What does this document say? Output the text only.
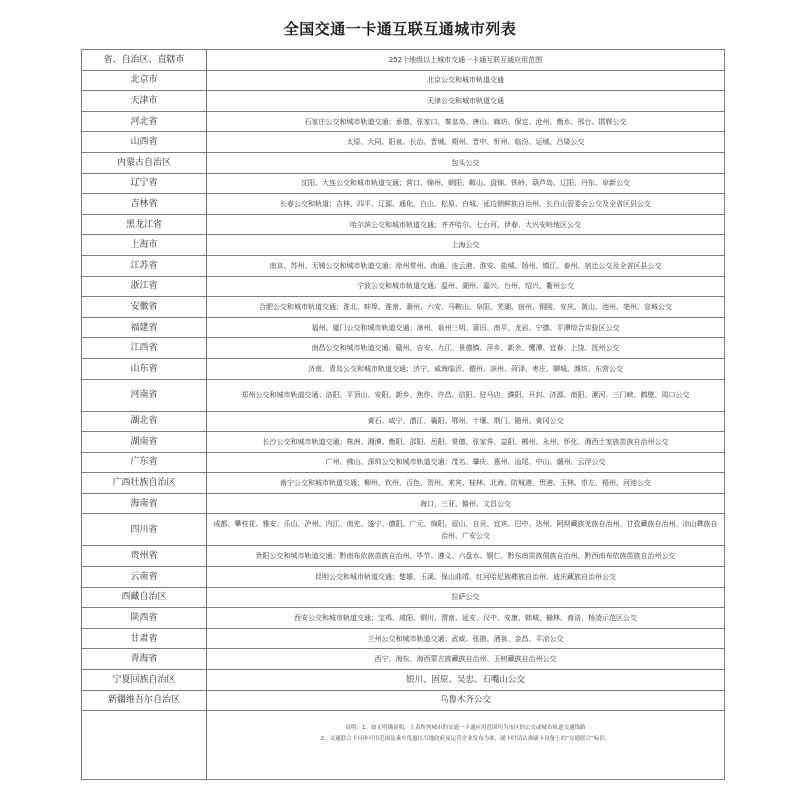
全国交通一卡通互联互通城市列表
省、自治区、直辖市	252个地级以上城市交通一卡通互联互通应用范围
北京市	北京公交和城市轨道交通
天津市	天津公交和城市轨道交通
河北省	石家庄公交和城市轨道交通；承德、张家口、秦皇岛、唐山、廊坊、保定、沧州、衡水、邢台、邯郸公交
山西省	太原、大同、阳泉、长治、晋城、朔州、晋中、忻州、临汾、运城、吕梁公交
内蒙古自治区	包头公交
辽宁省	沈阳、大连公交和城市轨道交通；营口、锦州、朝阳、鞍山、盘锦、铁岭、葫芦岛、辽阳、丹东、阜新公交
吉林省	长春公交和轨道；吉林、四平、辽源、通化、白山、松原、白城、延边朝鲜族自治州、长白山管委会公交及全省区县公交
黑龙江省	哈尔滨公交和城市轨道交通；齐齐哈尔、七台河、伊春、大兴安岭地区公交
上海市	上海公交
江苏省	南京、苏州、无锡公交和城市轨道交通；徐州常州、南通、连云港、淮安、盐城、扬州、镇江、泰州、宿迁公交及全省区县公交
浙江省	宁波公交和城市轨道交通；温州、湖州、嘉兴、台州、绍兴、衢州公交
安徽省	合肥公交和城市轨道交通；淮北、蚌埠、淮南、滁州、六安、马鞍山、阜阳、芜湖、宿州、铜陵、安庆、黄山、池州、亳州、宣城公交
福建省	福州、厦门公交和城市轨道交通；漳州、泉州三明、莆田、南平、龙岩、宁德、平潭综合实验区公交
江西省	南昌公交和城市轨道交通、赣州、吉安、九江、景德镇、萍乡、新余、鹰潭、宜春、上饶、抚州公交
山东省	济南、青岛公交和城市轨道交通；济宁、威海临沂、德州、滨州、菏泽、枣庄、聊城、潍坊、东营公交
河南省	郑州公交和城市轨道交通；洛阳、平顶山、安阳、新乡、焦作、许昌、信阳、驻马店、濮阳、开封、济源、南阳、漯河、三门峡、鹤壁、周口公交
湖北省	黄石、咸宁、潜江、襄阳、鄂州、十堰、荆门、随州、黄冈公交
湖南省	长沙公交和城市轨道交通；株洲、湘潭、衡阳、邵阳、岳阳、常德、张家界、益阳、郴州、永州、怀化、湘西土家族苗族自治州公交
广东省	广州、佛山、深圳公交和城市轨道交通；茂名、肇庆、惠州、汕尾、中山、潮州、云浮公交
广西壮族自治区	南宁公交和城市轨道交通；柳州、钦州、百色、贺州、来宾、桂林、北海、防城港、贵港、玉林、崇左、梧州、河池公交
海南省	海口、三亚、儋州、文昌公交
四川省	成都、攀枝花、雅安、乐山、泸州、内江、南充、遂宁、德阳、广元、绵阳、眉山、自贡、宜宾、巴中、达州、阿坝藏族羌族自治州、甘孜藏族自治州、凉山彝族自治州、广安公交
贵州省	贵阳公交和城市轨道交通；黔南布依族苗族自治州、毕节、遵义、六盘水、铜仁、黔东南苗族侗族自治州、黔西南布依族苗族自治州公交
云南省	昆明公交和城市轨道交通；楚雄、玉溪、保山曲靖、红河哈尼族彝族自治州、迪庆藏族自治州公交
西藏自治区	拉萨公交
陕西省	西安公交和城市轨道交通；宝鸡、咸阳、铜川、渭南、延安、汉中、安康、韩城、榆林、商洛、杨凌示范区公交
甘肃省	兰州公交和城市轨道交通；武威、张掖、酒泉、金昌、平凉公交
青海省	西宁、海东、海西蒙古族藏族自治州、玉树藏族自治州公交
宁夏回族自治区	银川、固原、吴忠、石嘴山公交
新疆维吾尔自治区	乌鲁木齐公交

	说明：1、如无明确说明，上表所列城市的交通一卡通应用范围均为市区的公交或城市轨道交通线路
2、交通联合卡具体可用范围及乘车优惠以当地政府及运营企业发布为准，刷卡时请认准刷卡设备上的“交通联合”标识。
